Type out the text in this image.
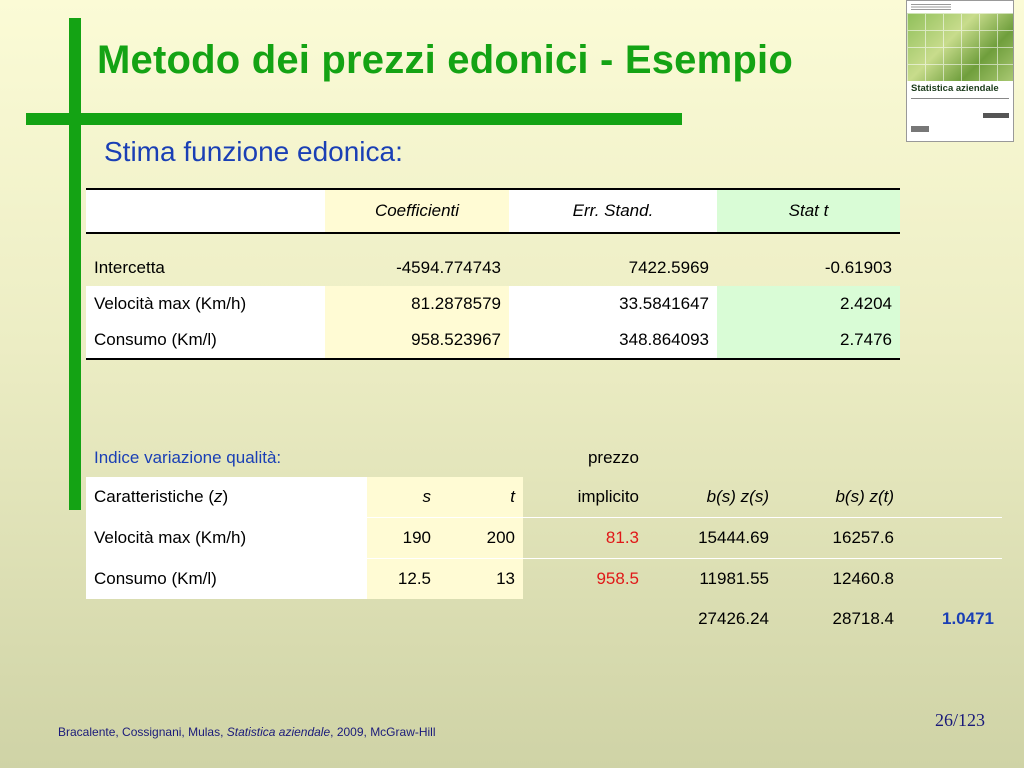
Metodo dei prezzi edonici - Esempio
Statistica aziendale
Stima funzione edonica:
	Coefficienti	Err. Stand.	Stat t

Intercetta	-4594.774743	7422.5969	-0.61903
Velocità max (Km/h)	81.2878579	33.5841647	2.4204
Consumo (Km/l)	958.523967	348.864093	2.7476
Indice variazione qualità:			prezzo			
Caratteristiche (z)	s	t	implicito	b(s) z(s)	b(s) z(t)	
Velocità max (Km/h)	190	200	81.3	15444.69	16257.6	
Consumo (Km/l)	12.5	13	958.5	11981.55	12460.8	
				27426.24	28718.4	1.0471
Bracalente, Cossignani, Mulas, Statistica aziendale, 2009, McGraw-Hill
26/123
